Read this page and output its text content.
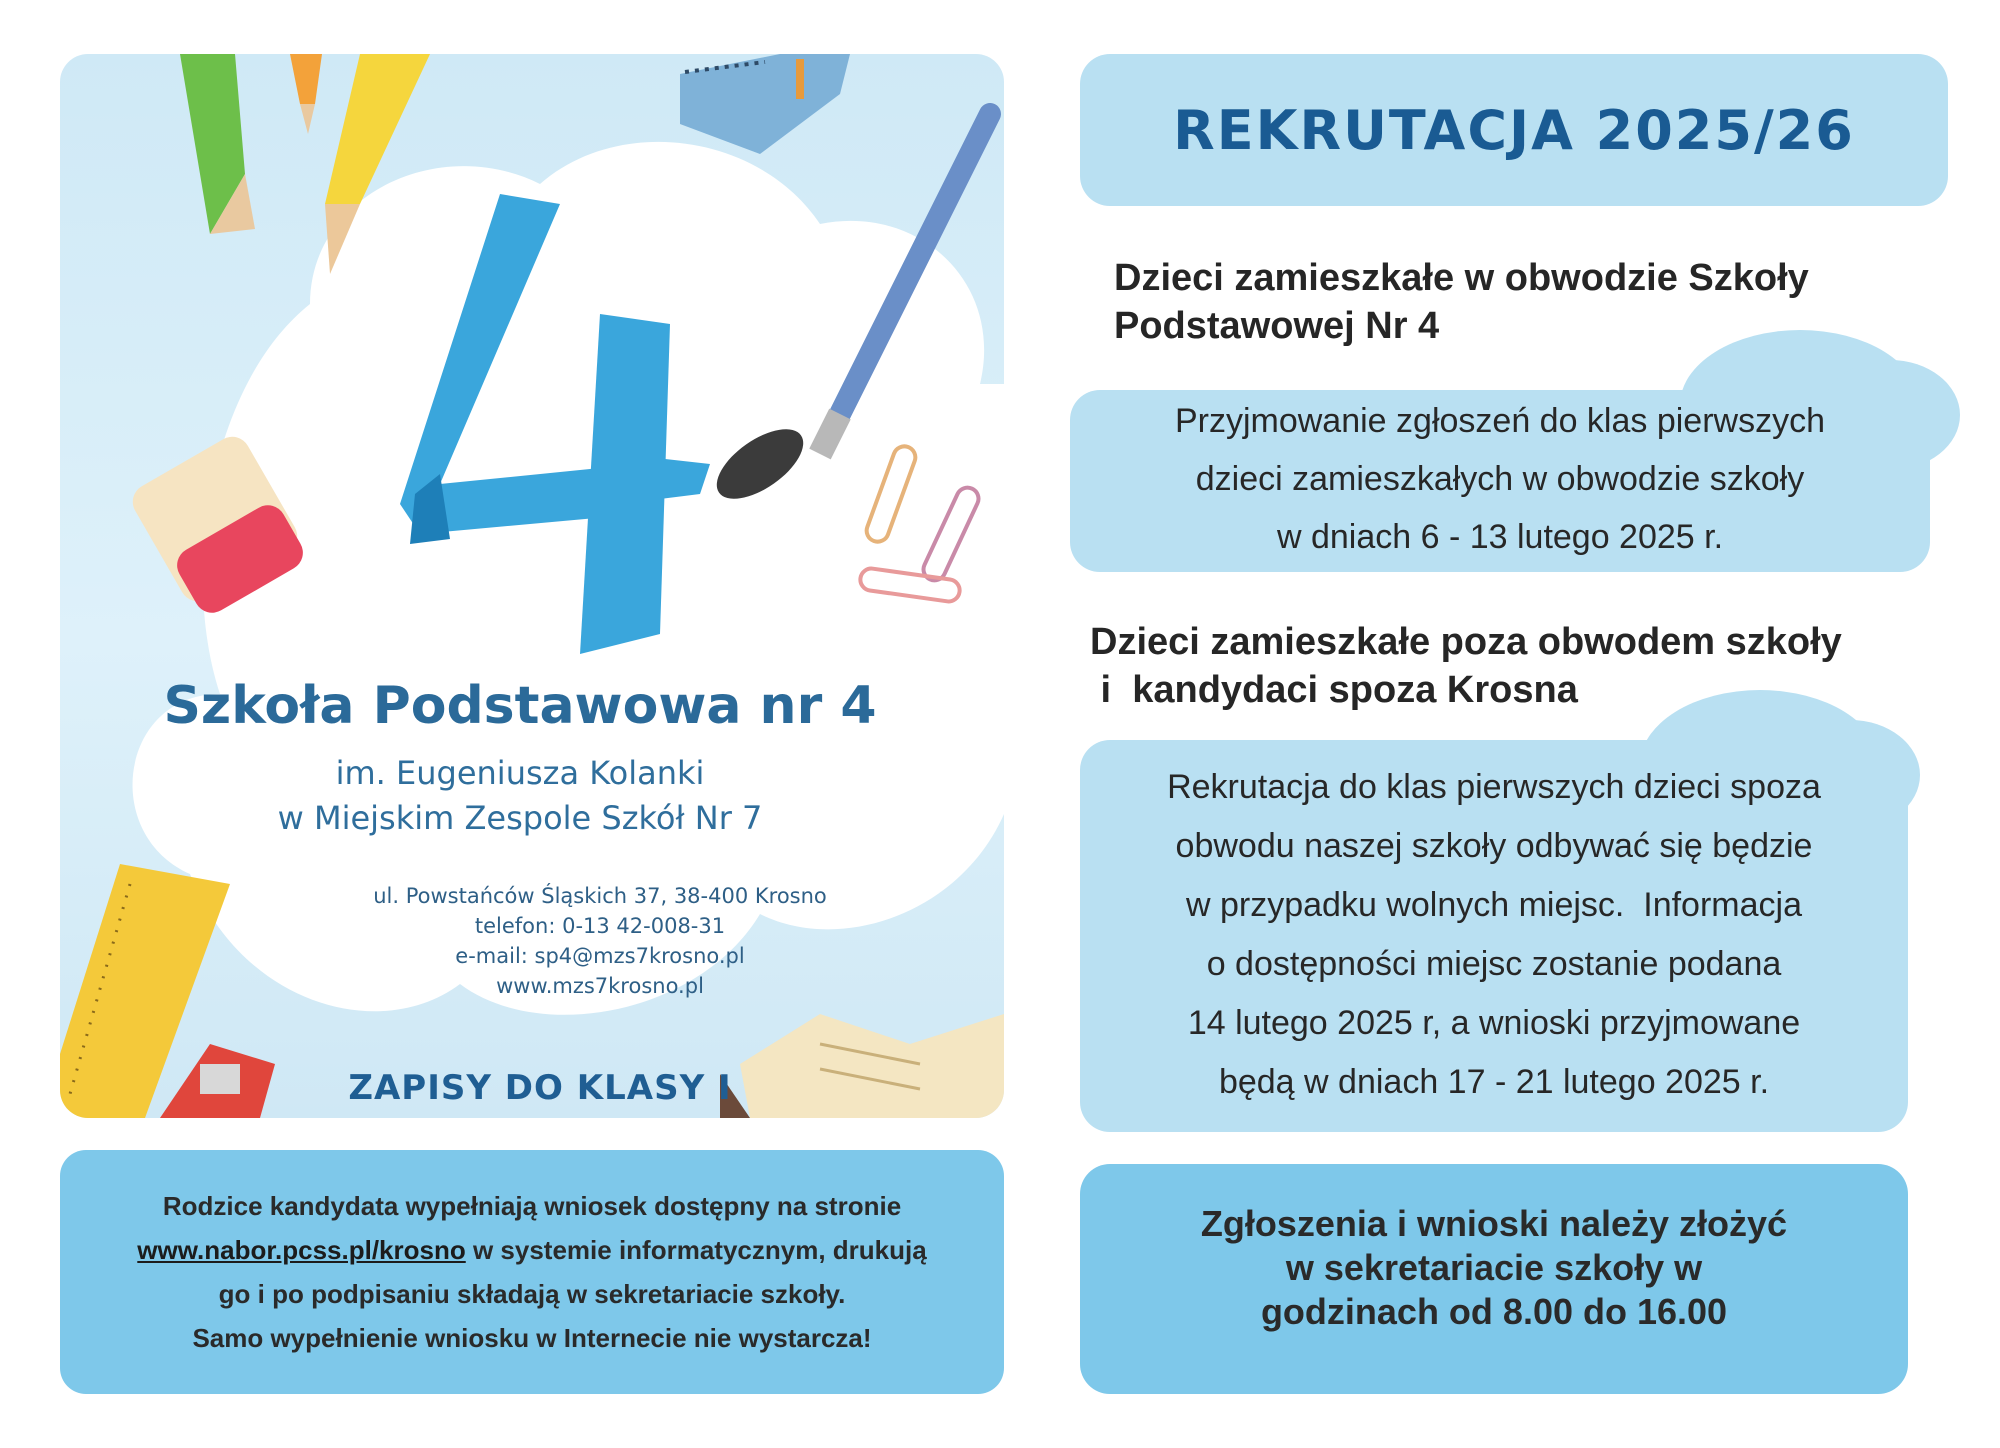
Szkoła Podstawowa nr 4
im. Eugeniusza Kolanki
w Miejskim Zespole Szkół Nr 7
ul. Powstańców Śląskich 37, 38-400 Krosno
telefon: 0-13 42-008-31
e-mail: sp4@mzs7krosno.pl
www.mzs7krosno.pl
ZAPISY DO KLASY I
Rodzice kandydata wypełniają wniosek dostępny na stronie
www.nabor.pcss.pl/krosno w systemie informatycznym, drukują
go i po podpisaniu składają w sekretariacie szkoły.
Samo wypełnienie wniosku w Internecie nie wystarcza!
REKRUTACJA 2025/26
Dzieci zamieszkałe w obwodzie Szkoły
Podstawowej Nr 4
Przyjmowanie zgłoszeń do klas pierwszych
dzieci zamieszkałych w obwodzie szkoły
w dniach 6 - 13 lutego 2025 r.
Dzieci zamieszkałe poza obwodem szkoły
i  kandydaci spoza Krosna
Rekrutacja do klas pierwszych dzieci spoza
obwodu naszej szkoły odbywać się będzie
w przypadku wolnych miejsc.  Informacja
o dostępności miejsc zostanie podana
14 lutego 2025 r, a wnioski przyjmowane
będą w dniach 17 - 21 lutego 2025 r.
Zgłoszenia i wnioski należy złożyć
w sekretariacie szkoły w
godzinach od 8.00 do 16.00
